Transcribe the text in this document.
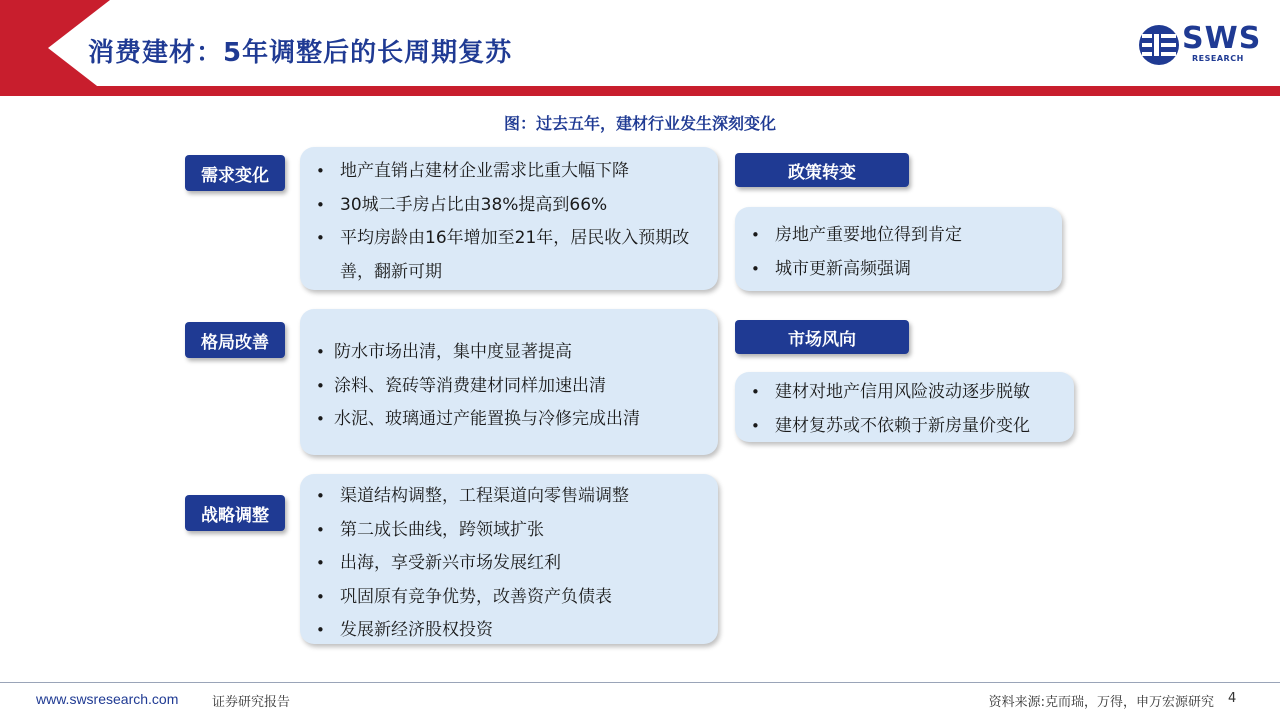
消费建材：5年调整后的长周期复苏	SWS
RESEARCH
图：过去五年，建材行业发生深刻变化
需求变化	• 地产直销占建材企业需求比重大幅下降
• 30城二手房占比由38%提高到66%
• 平均房龄由16年增加至21年，居民收入预期改善，翻新可期
格局改善	• 防水市场出清，集中度显著提高
• 涂料、瓷砖等消费建材同样加速出清
• 水泥、玻璃通过产能置换与冷修完成出清
战略调整
• 渠道结构调整，工程渠道向零售端调整
• 第二成长曲线，跨领域扩张
• 出海，享受新兴市场发展红利
• 巩固原有竞争优势，改善资产负债表
• 发展新经济股权投资
政策转变
• 房地产重要地位得到肯定
• 城市更新高频强调
市场风向
• 建材对地产信用风险波动逐步脱敏
• 建材复苏或不依赖于新房量价变化
www.swsresearch.com	证券研究报告	资料来源:克而瑞，万得，申万宏源研究 4
